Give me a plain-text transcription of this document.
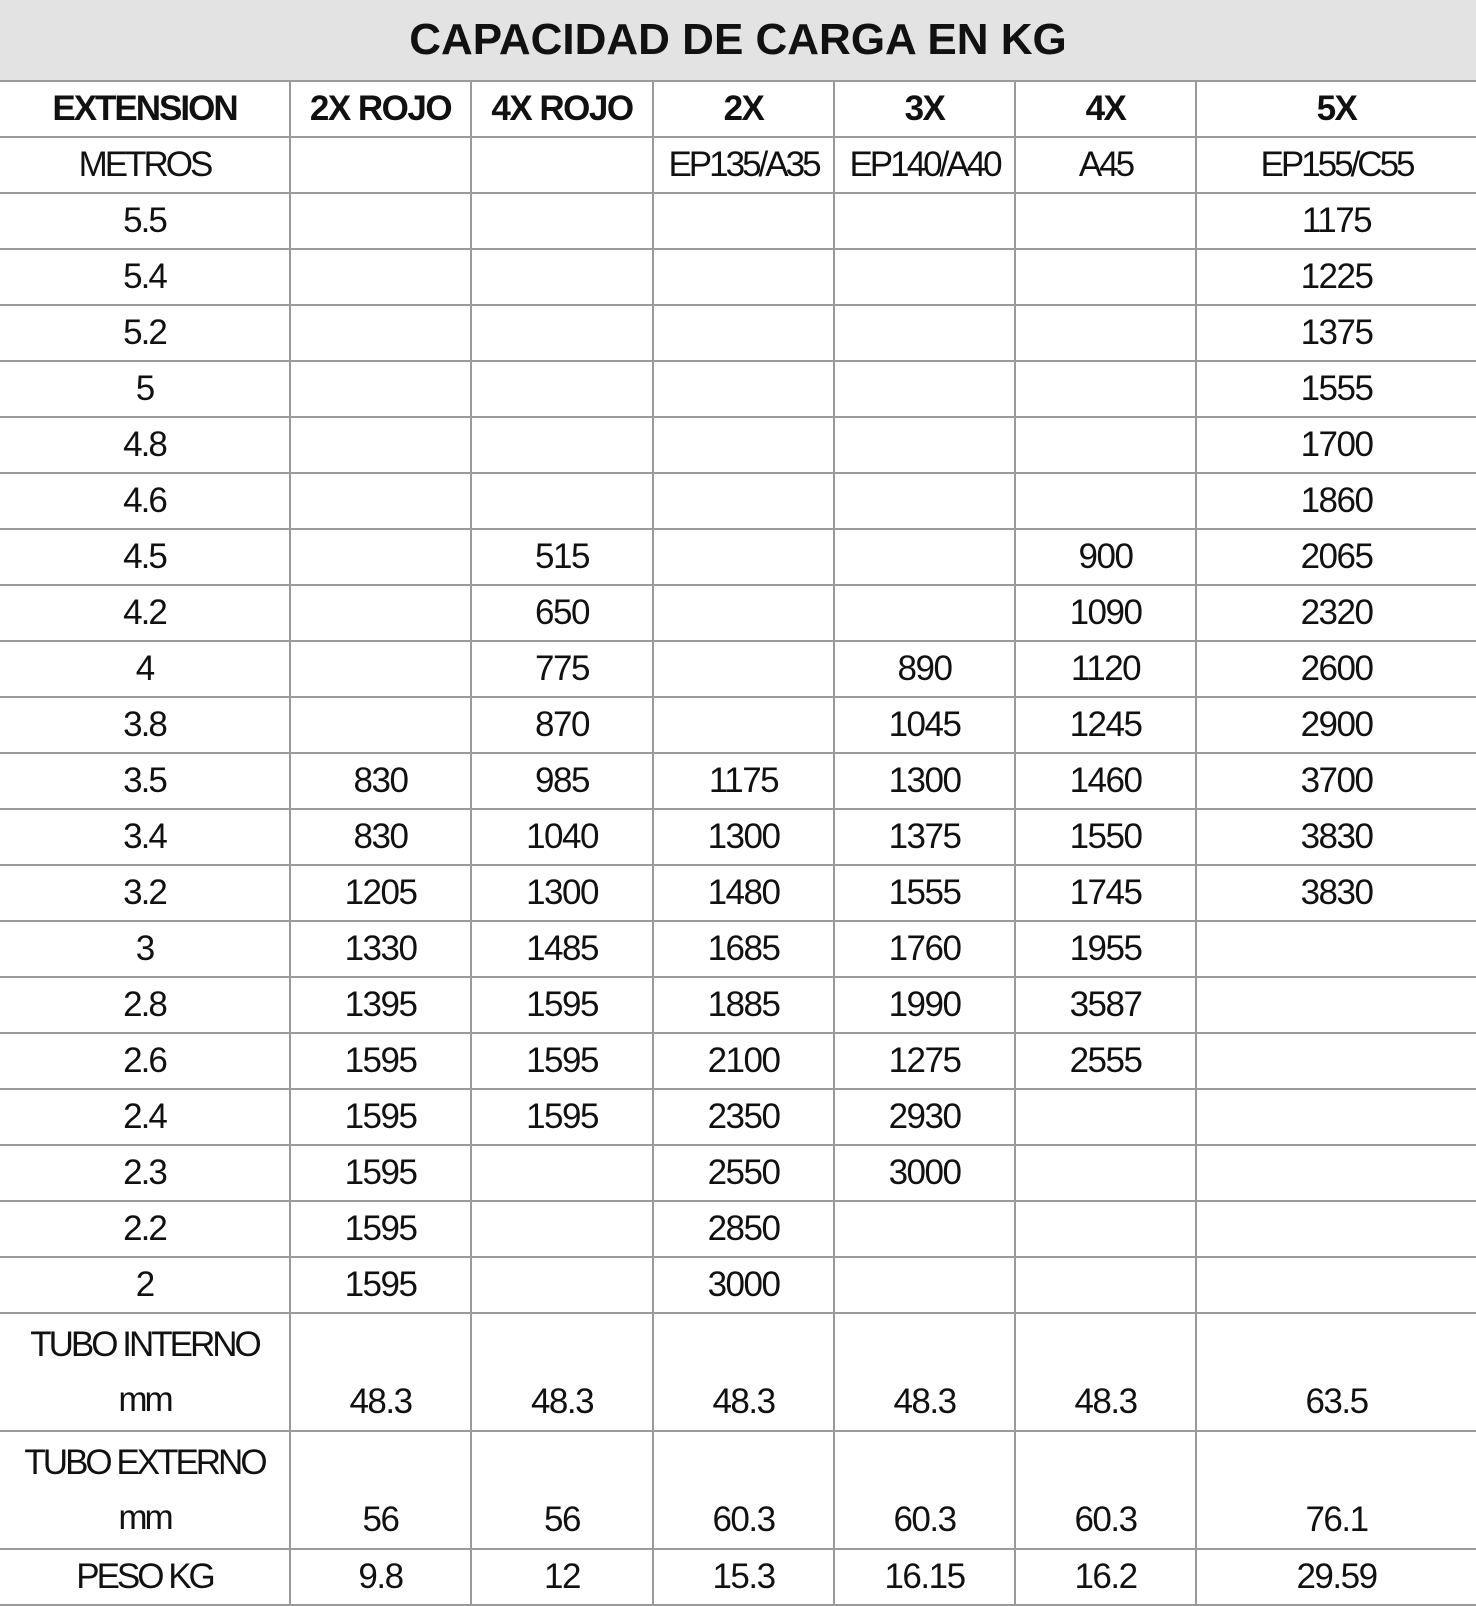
CAPACIDAD DE CARGA EN KG
EXTENSION	2X ROJO	4X ROJO	2X	3X	4X	5X
METROS			EP135/A35	EP140/A40	A45	EP155/C55
5.5						1175
5.4						1225
5.2						1375
5						1555
4.8						1700
4.6						1860
4.5		515			900	2065
4.2		650			1090	2320
4		775		890	1120	2600
3.8		870		1045	1245	2900
3.5	830	985	1175	1300	1460	3700
3.4	830	1040	1300	1375	1550	3830
3.2	1205	1300	1480	1555	1745	3830
3	1330	1485	1685	1760	1955	
2.8	1395	1595	1885	1990	3587	
2.6	1595	1595	2100	1275	2555	
2.4	1595	1595	2350	2930		
2.3	1595		2550	3000		
2.2	1595		2850			
2	1595		3000			

TUBO INTERNO
mm	48.3	48.3	48.3	48.3	48.3	63.5

TUBO EXTERNO
mm	56	56	60.3	60.3	60.3	76.1
PESO KG	9.8	12	15.3	16.15	16.2	29.59
